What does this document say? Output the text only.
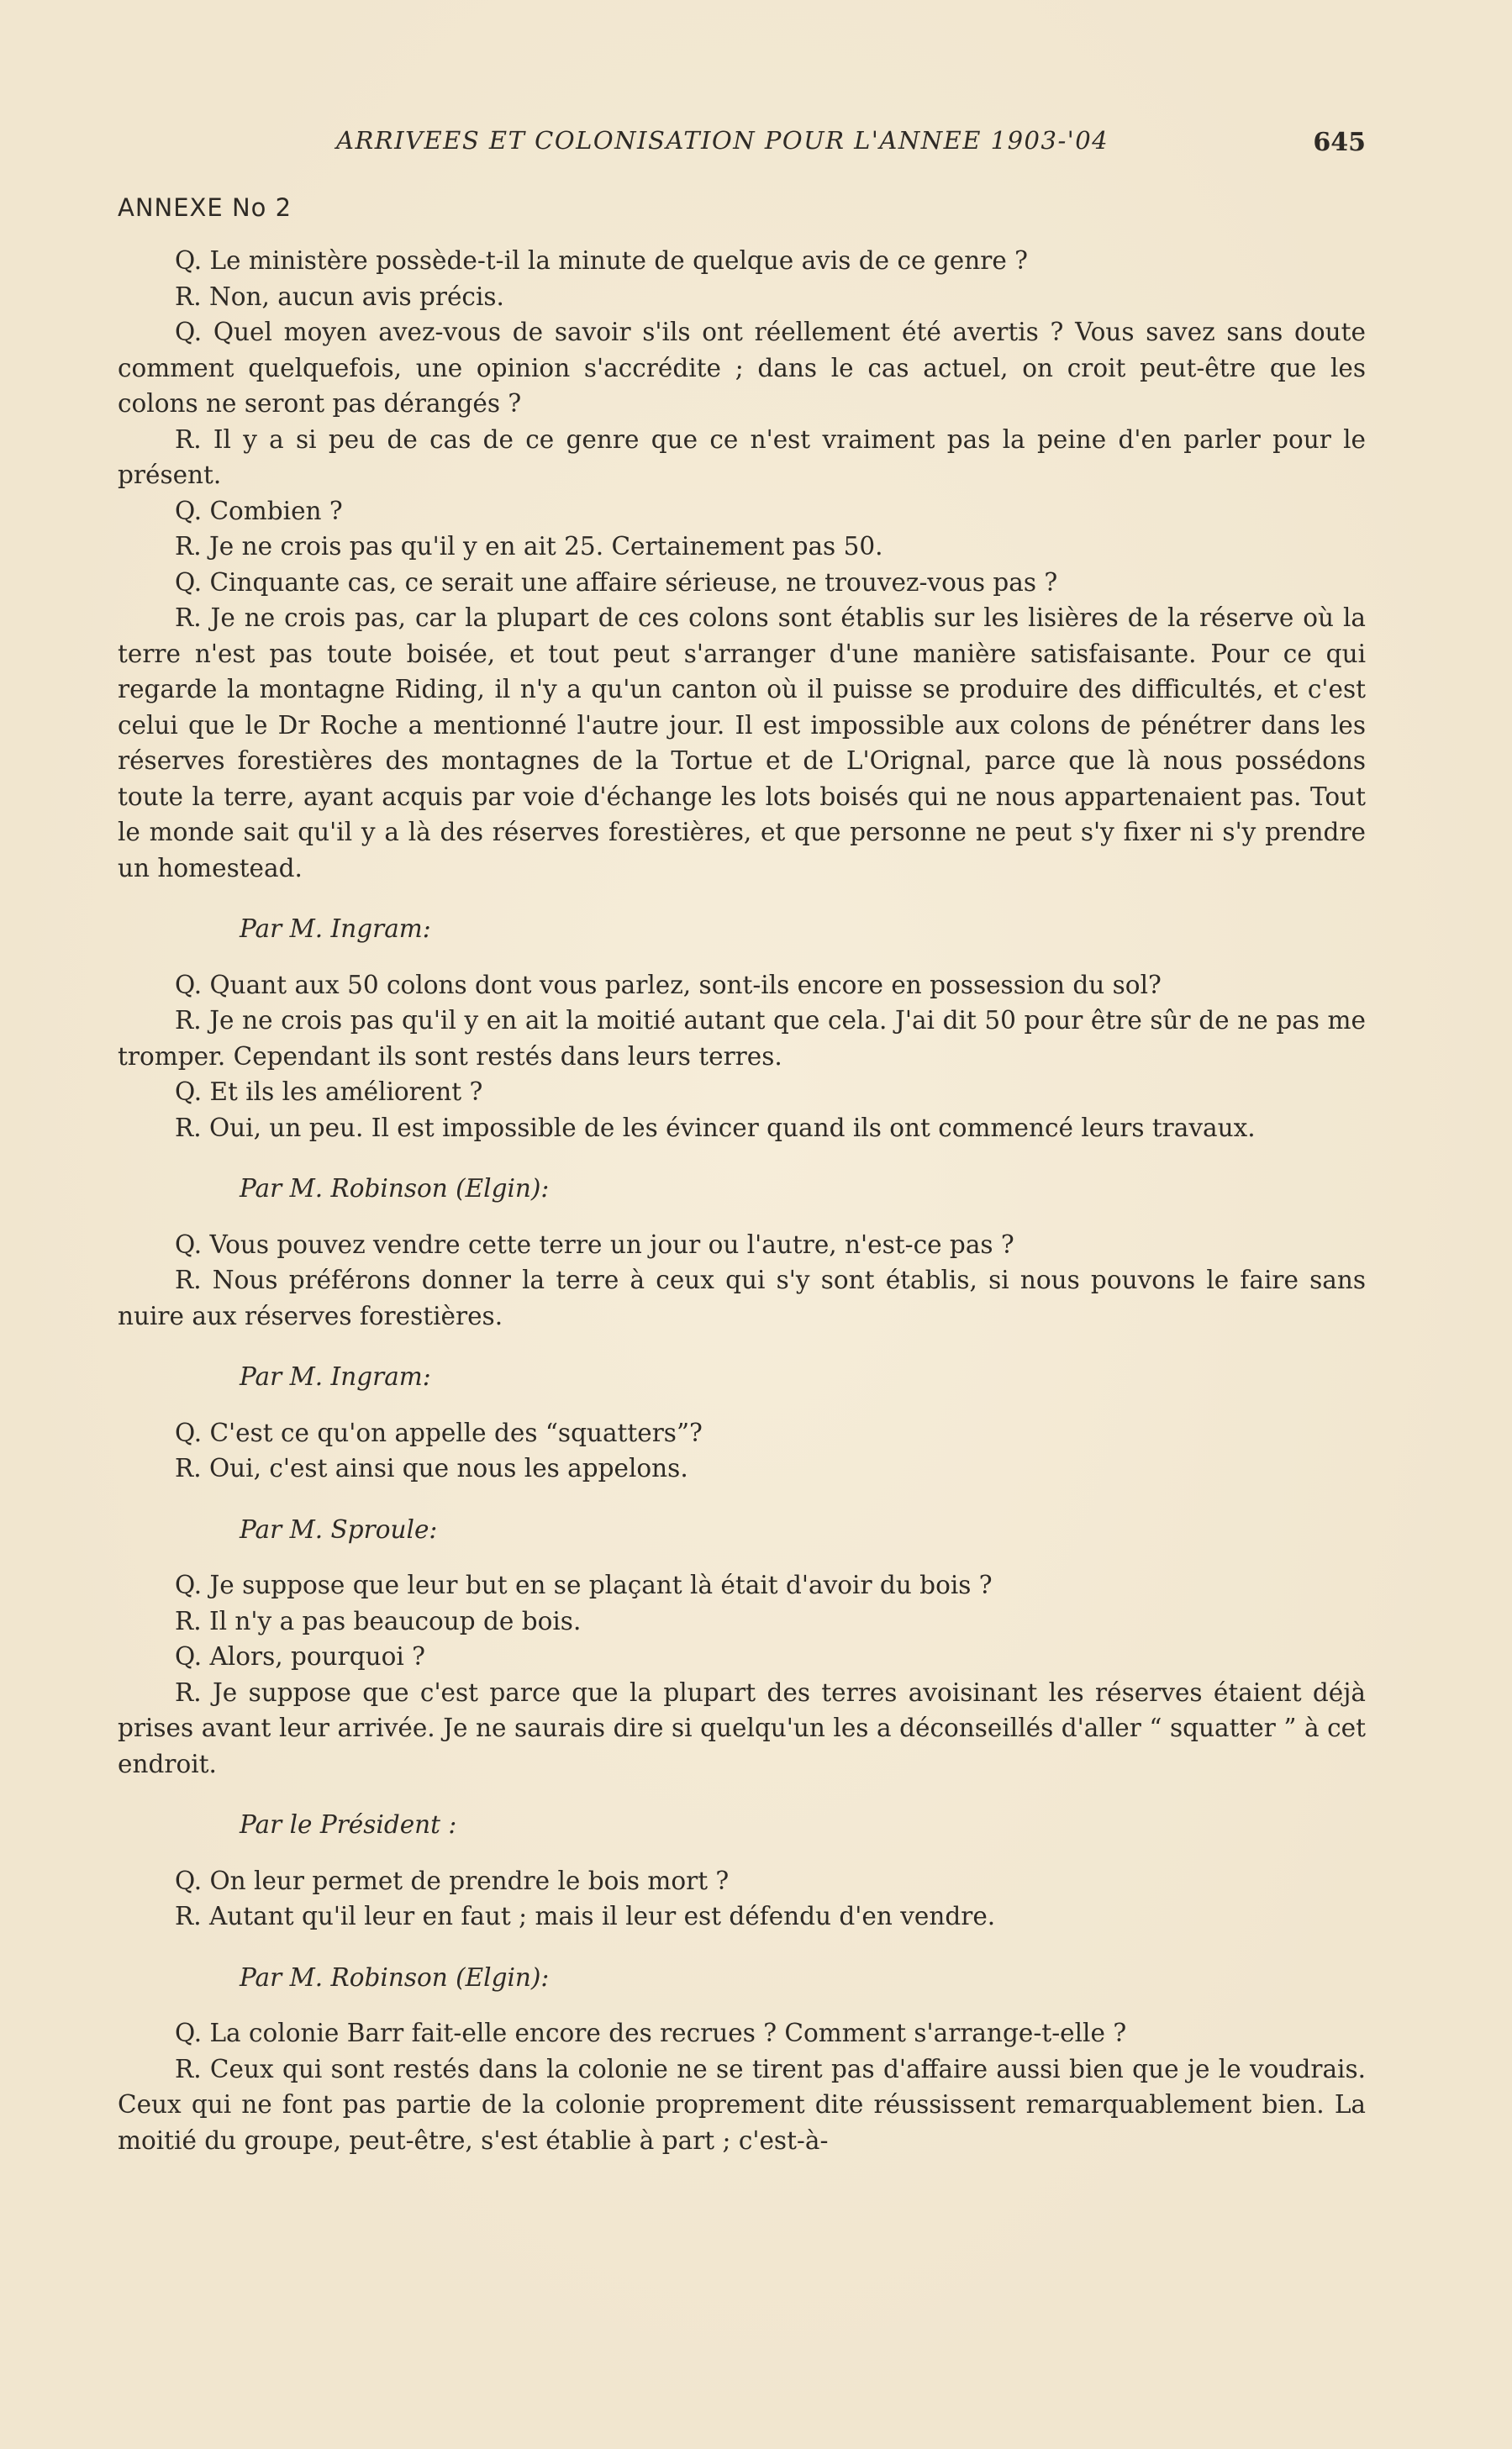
ARRIVEES ET COLONISATION POUR L'ANNEE 1903-'04	645
ANNEXE No 2

Q. Le ministère possède-t-il la minute de quelque avis de ce genre ?

R. Non, aucun avis précis.

Q. Quel moyen avez-vous de savoir s'ils ont réellement été avertis ? Vous savez sans doute comment quelquefois, une opinion s'accrédite ; dans le cas actuel, on croit peut-être que les colons ne seront pas dérangés ?

R. Il y a si peu de cas de ce genre que ce n'est vraiment pas la peine d'en parler pour le présent.

Q. Combien ?

R. Je ne crois pas qu'il y en ait 25. Certainement pas 50.

Q. Cinquante cas, ce serait une affaire sérieuse, ne trouvez-vous pas ?

R. Je ne crois pas, car la plupart de ces colons sont établis sur les lisières de la réserve où la terre n'est pas toute boisée, et tout peut s'arranger d'une manière satisfaisante. Pour ce qui regarde la montagne Riding, il n'y a qu'un canton où il puisse se produire des difficultés, et c'est celui que le Dr Roche a mentionné l'autre jour. Il est impossible aux colons de pénétrer dans les réserves forestières des montagnes de la Tortue et de L'Orignal, parce que là nous possédons toute la terre, ayant acquis par voie d'échange les lots boisés qui ne nous appartenaient pas. Tout le monde sait qu'il y a là des réserves forestières, et que personne ne peut s'y fixer ni s'y prendre un homestead.

Par M. Ingram:

Q. Quant aux 50 colons dont vous parlez, sont-ils encore en possession du sol?

R. Je ne crois pas qu'il y en ait la moitié autant que cela. J'ai dit 50 pour être sûr de ne pas me tromper. Cependant ils sont restés dans leurs terres.

Q. Et ils les améliorent ?

R. Oui, un peu. Il est impossible de les évincer quand ils ont commencé leurs travaux.

Par M. Robinson (Elgin):

Q. Vous pouvez vendre cette terre un jour ou l'autre, n'est-ce pas ?

R. Nous préférons donner la terre à ceux qui s'y sont établis, si nous pouvons le faire sans nuire aux réserves forestières.

Par M. Ingram:

Q. C'est ce qu'on appelle des “squatters”?

R. Oui, c'est ainsi que nous les appelons.

Par M. Sproule:

Q. Je suppose que leur but en se plaçant là était d'avoir du bois ?

R. Il n'y a pas beaucoup de bois.

Q. Alors, pourquoi ?

R. Je suppose que c'est parce que la plupart des terres avoisinant les réserves étaient déjà prises avant leur arrivée. Je ne saurais dire si quelqu'un les a déconseillés d'aller “ squatter ” à cet endroit.

Par le Président :

Q. On leur permet de prendre le bois mort ?

R. Autant qu'il leur en faut ; mais il leur est défendu d'en vendre.

Par M. Robinson (Elgin):

Q. La colonie Barr fait-elle encore des recrues ? Comment s'arrange-t-elle ?

R. Ceux qui sont restés dans la colonie ne se tirent pas d'affaire aussi bien que je le voudrais. Ceux qui ne font pas partie de la colonie proprement dite réussissent remarquablement bien. La moitié du groupe, peut-être, s'est établie à part ; c'est-à-
